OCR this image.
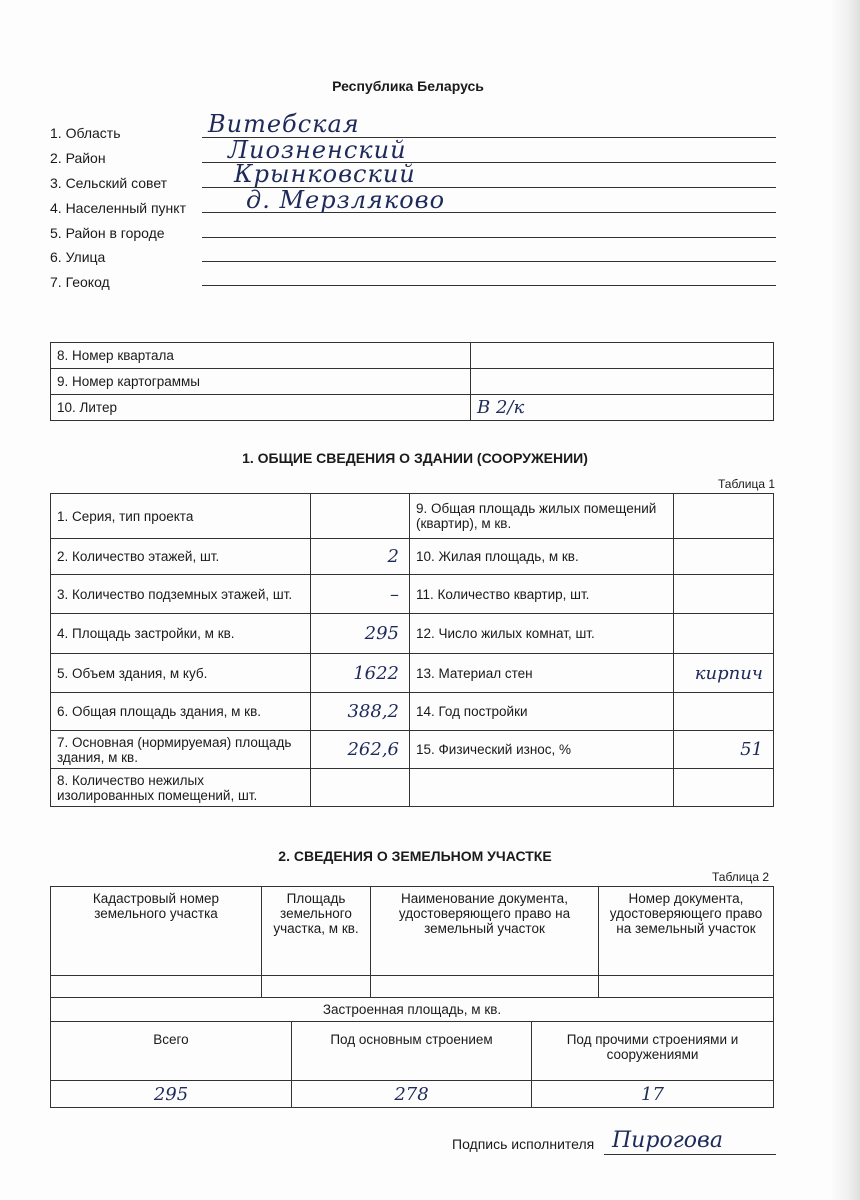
Республика Беларусь
1. Область	Витебская
2. Район	Лиозненский
3. Сельский совет	Крынковский
4. Населенный пункт	д. Мерзляково
5. Район в городе
6. Улица
7. Геокод
8. Номер квартала	
9. Номер картограммы	
10. Литер	В 2/к
1. ОБЩИЕ СВЕДЕНИЯ О ЗДАНИИ (СООРУЖЕНИИ)
Таблица 1
1. Серия, тип проекта		9. Общая площадь жилых помещений (квартир), м кв.	
2. Количество этажей, шт.	2	10. Жилая площадь, м кв.	
3. Количество подземных этажей, шт.	–	11. Количество квартир, шт.	
4. Площадь застройки, м кв.	295	12. Число жилых комнат, шт.	
5. Объем здания, м куб.	1622	13. Материал стен	кирпич
6. Общая площадь здания, м кв.	388,2	14. Год постройки	
7. Основная (нормируемая) площадь здания, м кв.	262,6	15. Физический износ, %	51
8. Количество нежилых изолированных помещений, шт.			
2. СВЕДЕНИЯ О ЗЕМЕЛЬНОМ УЧАСТКЕ
Таблица 2
Кадастровый номер земельного участка	Площадь земельного участка, м кв.	Наименование документа, удостоверяющего право на земельный участок	Номер документа, удостоверяющего право на земельный участок

Застроенная площадь, м кв.		
Всего	Под основным строением	Под прочими строениями и сооружениями
295	278	17
Подпись исполнителя Пирогова
